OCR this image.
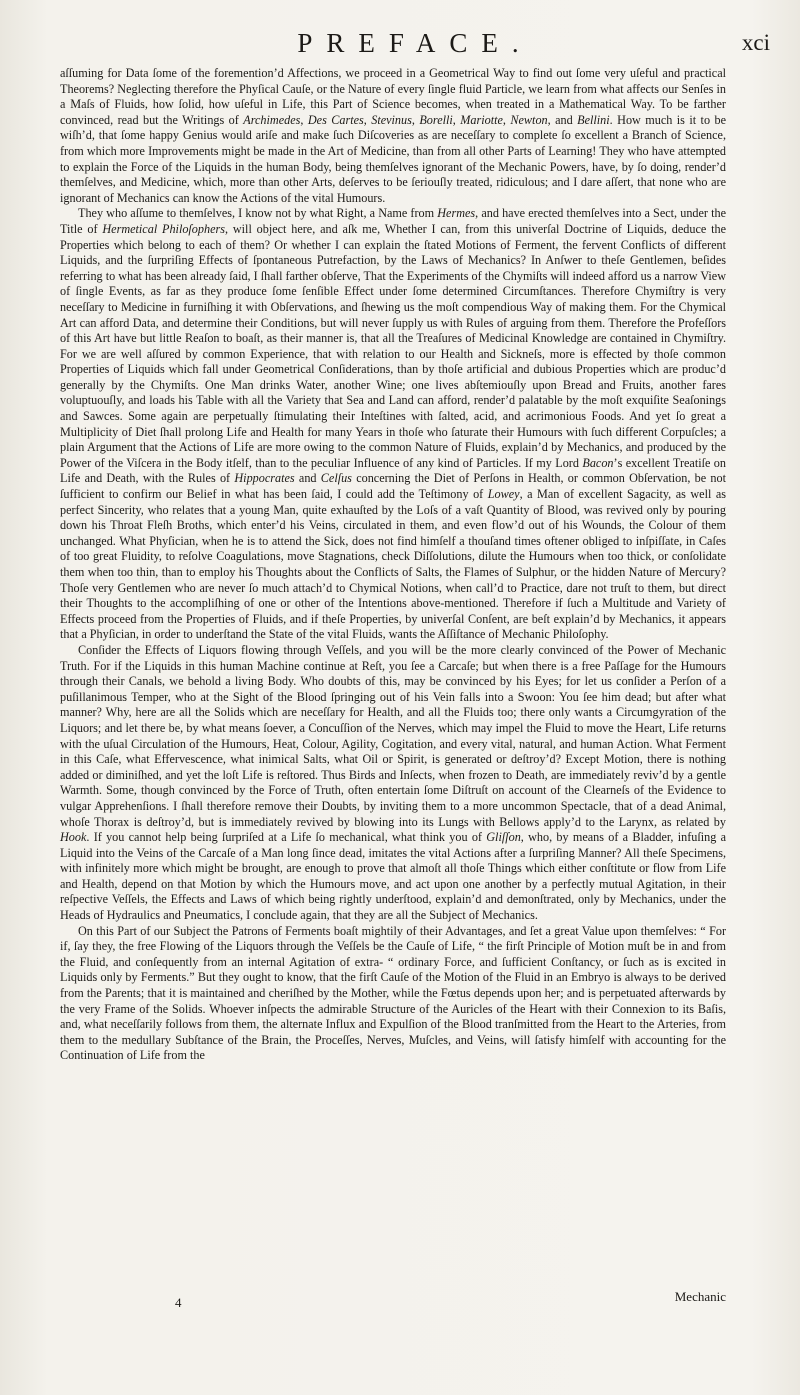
PREFACE.	xci

aſſuming for Data ſome of the forementionʼd Affections, we proceed in a Geometrical Way to find out ſome very uſeful and practical Theorems? Neglecting therefore the Phyſical Cauſe, or the Nature of every ſingle fluid Particle, we learn from what affects our Senſes in a Maſs of Fluids, how ſolid, how uſeful in Life, this Part of Science becomes, when treated in a Mathematical Way. To be farther convinced, read but the Writings of Archimedes, Des Cartes, Stevinus, Borelli, Mariotte, Newton, and Bellini. How much is it to be wiſhʼd, that ſome happy Genius would ariſe and make ſuch Diſcoveries as are neceſſary to complete ſo excellent a Branch of Science, from which more Improvements might be made in the Art of Medicine, than from all other Parts of Learning! They who have attempted to explain the Force of the Liquids in the human Body, being themſelves ignorant of the Mechanic Powers, have, by ſo doing, renderʼd themſelves, and Medicine, which, more than other Arts, deſerves to be ſeriouſly treated, ridiculous; and I dare aſſert, that none who are ignorant of Mechanics can know the Actions of the vital Humours.

They who aſſume to themſelves, I know not by what Right, a Name from Hermes, and have erected themſelves into a Sect, under the Title of Hermetical Philoſophers, will object here, and aſk me, Whether I can, from this univerſal Doctrine of Liquids, deduce the Properties which belong to each of them? Or whether I can explain the ſtated Motions of Ferment, the fervent Conflicts of different Liquids, and the ſurpriſing Effects of ſpontaneous Putrefaction, by the Laws of Mechanics? In Anſwer to theſe Gentlemen, beſides referring to what has been already ſaid, I ſhall farther obſerve, That the Experiments of the Chymiſts will indeed afford us a narrow View of ſingle Events, as far as they produce ſome ſenſible Effect under ſome determined Circumſtances. Therefore Chymiſtry is very neceſſary to Medicine in furniſhing it with Obſervations, and ſhewing us the moſt compendious Way of making them. For the Chymical Art can afford Data, and determine their Conditions, but will never ſupply us with Rules of arguing from them. Therefore the Profeſſors of this Art have but little Reaſon to boaſt, as their manner is, that all the Treaſures of Medicinal Knowledge are contained in Chymiſtry. For we are well aſſured by common Experience, that with relation to our Health and Sickneſs, more is effected by thoſe common Properties of Liquids which fall under Geometrical Conſiderations, than by thoſe artificial and dubious Properties which are producʼd generally by the Chymiſts. One Man drinks Water, another Wine; one lives abſtemiouſly upon Bread and Fruits, another fares voluptuouſly, and loads his Table with all the Variety that Sea and Land can afford, renderʼd palatable by the moſt exquiſite Seaſonings and Sawces. Some again are perpetually ſtimulating their Inteſtines with ſalted, acid, and acrimonious Foods. And yet ſo great a Multiplicity of Diet ſhall prolong Life and Health for many Years in thoſe who ſaturate their Humours with ſuch different Corpuſcles; a plain Argument that the Actions of Life are more owing to the common Nature of Fluids, explainʼd by Mechanics, and produced by the Power of the Viſcera in the Body itſelf, than to the peculiar Influence of any kind of Particles. If my Lord Baconʼs excellent Treatiſe on Life and Death, with the Rules of Hippocrates and Celſus concerning the Diet of Perſons in Health, or common Obſervation, be not ſufficient to confirm our Belief in what has been ſaid, I could add the Teſtimony of Lowey, a Man of excellent Sagacity, as well as perfect Sincerity, who relates that a young Man, quite exhauſted by the Loſs of a vaſt Quantity of Blood, was revived only by pouring down his Throat Fleſh Broths, which enterʼd his Veins, circulated in them, and even flowʼd out of his Wounds, the Colour of them unchanged. What Phyſician, when he is to attend the Sick, does not find himſelf a thouſand times oftener obliged to inſpiſſate, in Caſes of too great Fluidity, to reſolve Coagulations, move Stagnations, check Diſſolutions, dilute the Humours when too thick, or conſolidate them when too thin, than to employ his Thoughts about the Conflicts of Salts, the Flames of Sulphur, or the hidden Nature of Mercury? Thoſe very Gentlemen who are never ſo much attachʼd to Chymical Notions, when callʼd to Practice, dare not truſt to them, but direct their Thoughts to the accompliſhing of one or other of the Intentions above-mentioned. Therefore if ſuch a Multitude and Variety of Effects proceed from the Properties of Fluids, and if theſe Properties, by univerſal Conſent, are beſt explainʼd by Mechanics, it appears that a Phyſician, in order to underſtand the State of the vital Fluids, wants the Aſſiſtance of Mechanic Philoſophy.

Conſider the Effects of Liquors flowing through Veſſels, and you will be the more clearly convinced of the Power of Mechanic Truth. For if the Liquids in this human Machine continue at Reſt, you ſee a Carcaſe; but when there is a free Paſſage for the Humours through their Canals, we behold a living Body. Who doubts of this, may be convinced by his Eyes; for let us conſider a Perſon of a puſillanimous Temper, who at the Sight of the Blood ſpringing out of his Vein falls into a Swoon: You ſee him dead; but after what manner? Why, here are all the Solids which are neceſſary for Health, and all the Fluids too; there only wants a Circumgyration of the Liquors; and let there be, by what means ſoever, a Concuſſion of the Nerves, which may impel the Fluid to move the Heart, Life returns with the uſual Circulation of the Humours, Heat, Colour, Agility, Cogitation, and every vital, natural, and human Action. What Ferment in this Caſe, what Effervescence, what inimical Salts, what Oil or Spirit, is generated or deſtroyʼd? Except Motion, there is nothing added or diminiſhed, and yet the loſt Life is reſtored. Thus Birds and Inſects, when frozen to Death, are immediately revivʼd by a gentle Warmth. Some, though convinced by the Force of Truth, often entertain ſome Diſtruſt on account of the Clearneſs of the Evidence to vulgar Apprehenſions. I ſhall therefore remove their Doubts, by inviting them to a more uncommon Spectacle, that of a dead Animal, whoſe Thorax is deſtroyʼd, but is immediately revived by blowing into its Lungs with Bellows applyʼd to the Larynx, as related by Hook. If you cannot help being ſurpriſed at a Life ſo mechanical, what think you of Gliſſon, who, by means of a Bladder, infuſing a Liquid into the Veins of the Carcaſe of a Man long ſince dead, imitates the vital Actions after a ſurpriſing Manner? All theſe Specimens, with infinitely more which might be brought, are enough to prove that almoſt all thoſe Things which either conſtitute or flow from Life and Health, depend on that Motion by which the Humours move, and act upon one another by a perfectly mutual Agitation, in their reſpective Veſſels, the Effects and Laws of which being rightly underſtood, explainʼd and demonſtrated, only by Mechanics, under the Heads of Hydraulics and Pneumatics, I conclude again, that they are all the Subject of Mechanics.

On this Part of our Subject the Patrons of Ferments boaſt mightily of their Advantages, and ſet a great Value upon themſelves: “ For if, ſay they, the free Flowing of the Liquors through the Veſſels be the Cauſe of Life, “ the firſt Principle of Motion muſt be in and from the Fluid, and conſequently from an internal Agitation of extra- “ ordinary Force, and ſufficient Conſtancy, or ſuch as is excited in Liquids only by Ferments.” But they ought to know, that the firſt Cauſe of the Motion of the Fluid in an Embryo is always to be derived from the Parents; that it is maintained and cheriſhed by the Mother, while the Fœtus depends upon her; and is perpetuated afterwards by the very Frame of the Solids. Whoever inſpects the admirable Structure of the Auricles of the Heart with their Connexion to its Baſis, and, what neceſſarily follows from them, the alternate Influx and Expulſion of the Blood tranſmitted from the Heart to the Arteries, from them to the medullary Subſtance of the Brain, the Proceſſes, Nerves, Muſcles, and Veins, will ſatisfy himſelf with accounting for the Continuation of Life from the

4	Mechanic
